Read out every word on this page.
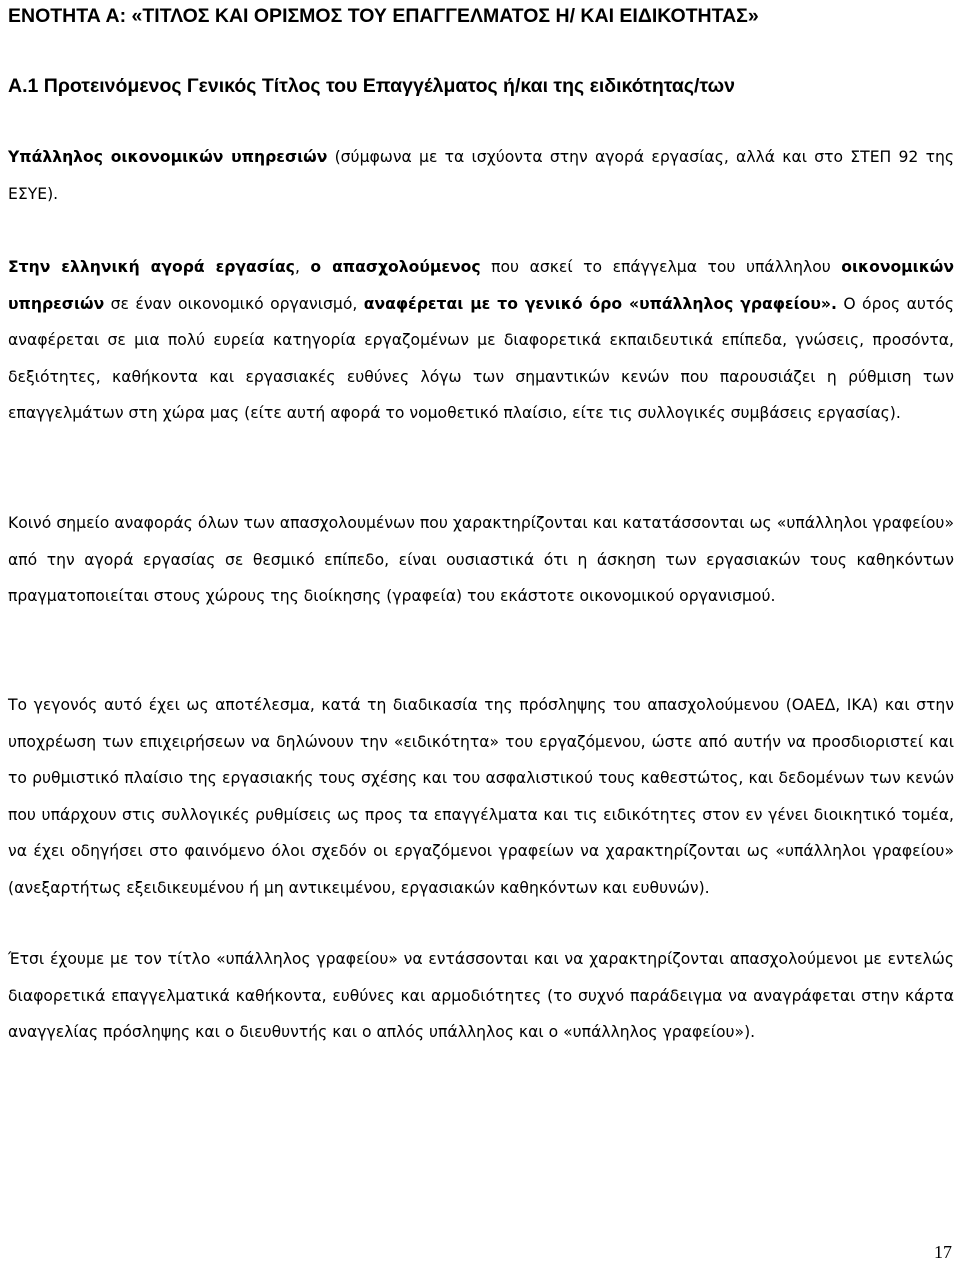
ΕΝΟΤΗΤΑ Α: «ΤΙΤΛΟΣ ΚΑΙ ΟΡΙΣΜΟΣ ΤΟΥ ΕΠΑΓΓΕΛΜΑΤΟΣ Η/ ΚΑΙ ΕΙΔΙΚΟΤΗΤΑΣ»
Α.1 Προτεινόμενος Γενικός Τίτλος του Επαγγέλματος ή/και της ειδικότητας/των

Υπάλληλος οικονομικών υπηρεσιών (σύμφωνα με τα ισχύοντα στην αγορά εργασίας, αλλά και στο ΣΤΕΠ 92 της ΕΣΥΕ).

Στην ελληνική αγορά εργασίας, ο απασχολούμενος που ασκεί το επάγγελμα του υπάλληλου οικονομικών υπηρεσιών σε έναν οικονομικό οργανισμό, αναφέρεται με το γενικό όρο «υπάλληλος γραφείου». Ο όρος αυτός αναφέρεται σε μια πολύ ευρεία κατηγορία εργαζομένων με διαφορετικά εκπαιδευτικά επίπεδα, γνώσεις, προσόντα, δεξιότητες, καθήκοντα και εργασιακές ευθύνες λόγω των σημαντικών κενών που παρουσιάζει η ρύθμιση των επαγγελμάτων στη χώρα μας (είτε αυτή αφορά το νομοθετικό πλαίσιο, είτε τις συλλογικές συμβάσεις εργασίας).

Κοινό σημείο αναφοράς όλων των απασχολουμένων που χαρακτηρίζονται και κατατάσσονται ως «υπάλληλοι γραφείου» από την αγορά εργασίας σε θεσμικό επίπεδο, είναι ουσιαστικά ότι η άσκηση των εργασιακών τους καθηκόντων πραγματοποιείται στους χώρους της διοίκησης (γραφεία) του εκάστοτε οικονομικού οργανισμού.

Το γεγονός αυτό έχει ως αποτέλεσμα, κατά τη διαδικασία της πρόσληψης του απασχολούμενου (ΟΑΕΔ, ΙΚΑ) και στην υποχρέωση των επιχειρήσεων να δηλώνουν την «ειδικότητα» του εργαζόμενου, ώστε από αυτήν να προσδιοριστεί και το ρυθμιστικό πλαίσιο της εργασιακής τους σχέσης και του ασφαλιστικού τους καθεστώτος, και δεδομένων των κενών που υπάρχουν στις συλλογικές ρυθμίσεις ως προς τα επαγγέλματα και τις ειδικότητες στον εν γένει διοικητικό τομέα, να έχει οδηγήσει στο φαινόμενο όλοι σχεδόν οι εργαζόμενοι γραφείων να χαρακτηρίζονται ως «υπάλληλοι γραφείου» (ανεξαρτήτως εξειδικευμένου ή μη αντικειμένου, εργασιακών καθηκόντων και ευθυνών).

Έτσι έχουμε με τον τίτλο «υπάλληλος γραφείου» να εντάσσονται και να χαρακτηρίζονται απασχολούμενοι με εντελώς διαφορετικά επαγγελματικά καθήκοντα, ευθύνες και αρμοδιότητες (το συχνό παράδειγμα να αναγράφεται στην κάρτα αναγγελίας πρόσληψης και ο διευθυντής και ο απλός υπάλληλος και ο «υπάλληλος γραφείου»).

17
